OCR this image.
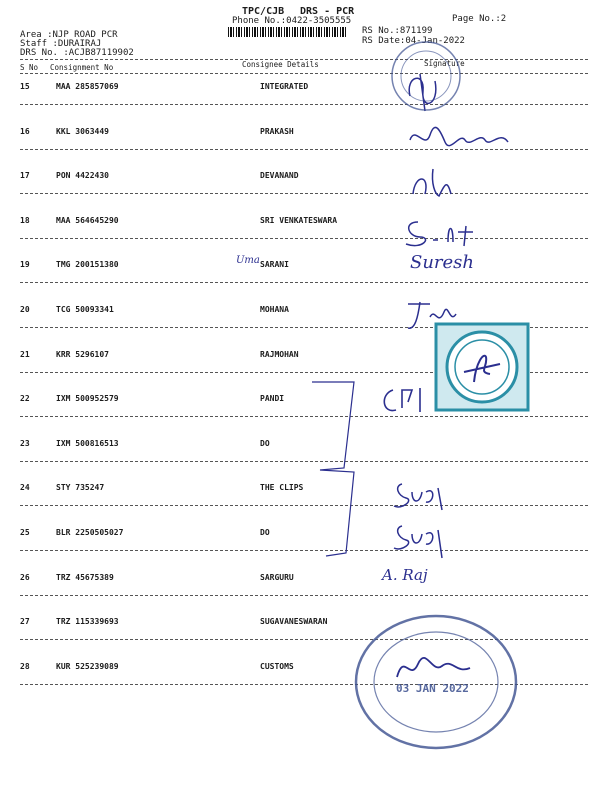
TPC/CJB DRS - PCR
Phone No.:0422-3505555
RS No.:871199
RS Date:04-Jan-2022
Page No.:2
Area :NJP ROAD PCR
Staff :DURAIRAJ
DRS No. :ACJB87119902
S No Consignment No	Consignee Details	Signature
15	MAA 285857069	INTEGRATED
16	KKL 3063449	PRAKASH
17	PON 4422430	DEVANAND
18	MAA 564645290	SRI VENKATESWARA
19	TMG 200151380	SARANI
20	TCG 50093341	MOHANA
21	KRR 5296107	RAJMOHAN
22	IXM 500952579	PANDI
23	IXM 500816513	DO
24	STY 735247	THE CLIPS
25	BLR 2250505027	DO
26	TRZ 45675389	SARGURU
27	TRZ 115339693	SUGAVANESWARAN
28	KUR 525239089	CUSTOMS
Uma	Suresh
A. Raj
03 JAN 2022
